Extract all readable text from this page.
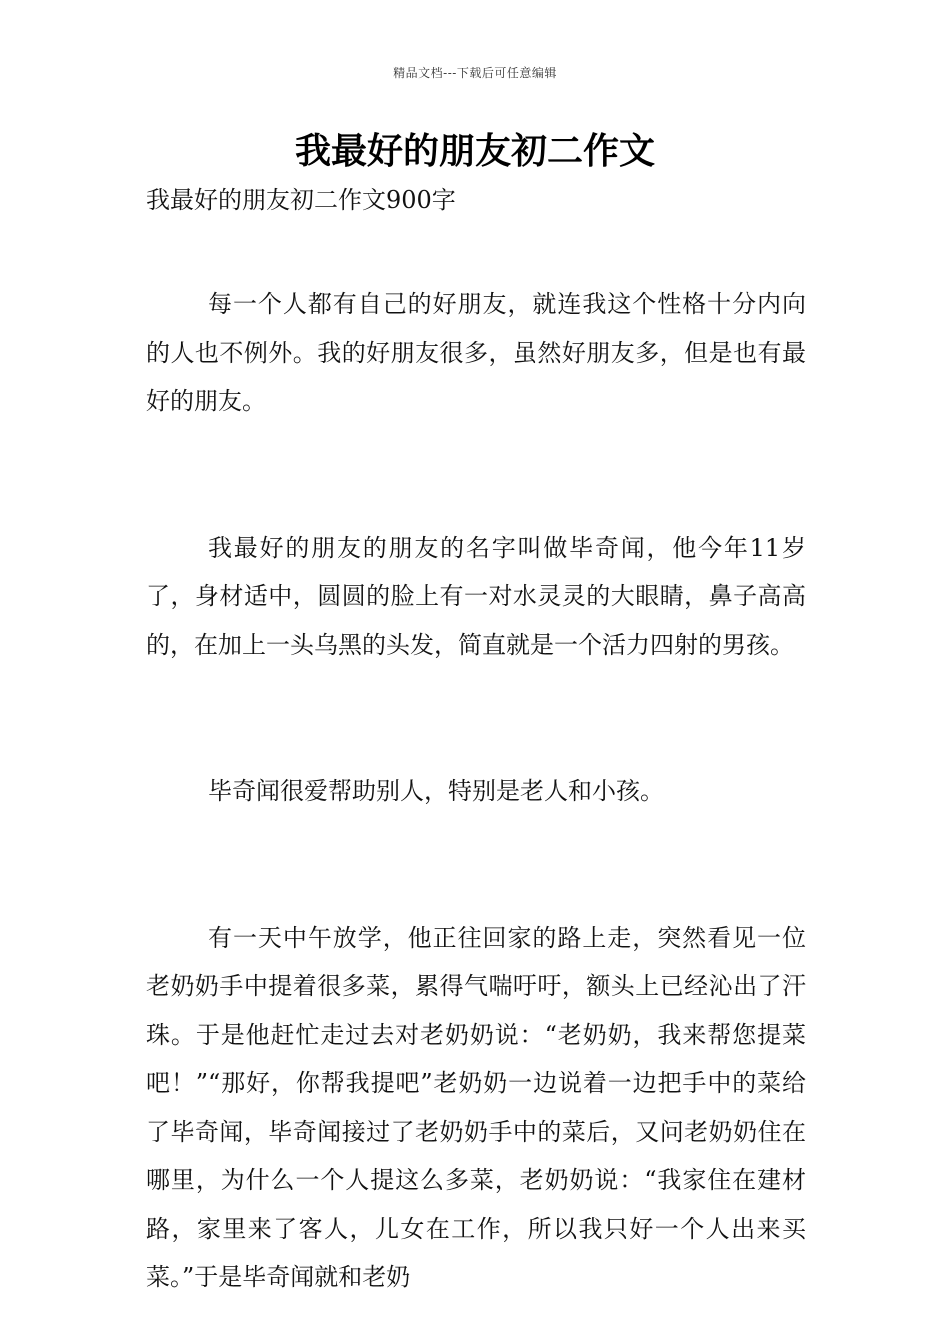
精品文档---下载后可任意编辑
我最好的朋友初二作文
我最好的朋友初二作文900字

每一个人都有自己的好朋友，就连我这个性格十分内向的人也不例外。我的好朋友很多，虽然好朋友多，但是也有最好的朋友。

我最好的朋友的朋友的名字叫做毕奇闻，他今年11岁了，身材适中，圆圆的脸上有一对水灵灵的大眼睛，鼻子高高的，在加上一头乌黑的头发，简直就是一个活力四射的男孩。

毕奇闻很爱帮助别人，特别是老人和小孩。

有一天中午放学，他正往回家的路上走，突然看见一位老奶奶手中提着很多菜，累得气喘吁吁，额头上已经沁出了汗珠。于是他赶忙走过去对老奶奶说：“老奶奶，我来帮您提菜吧！”“那好，你帮我提吧”老奶奶一边说着一边把手中的菜给了毕奇闻，毕奇闻接过了老奶奶手中的菜后，又问老奶奶住在哪里，为什么一个人提这么多菜，老奶奶说：“我家住在建材路，家里来了客人，儿女在工作，所以我只好一个人出来买菜。”于是毕奇闻就和老奶
